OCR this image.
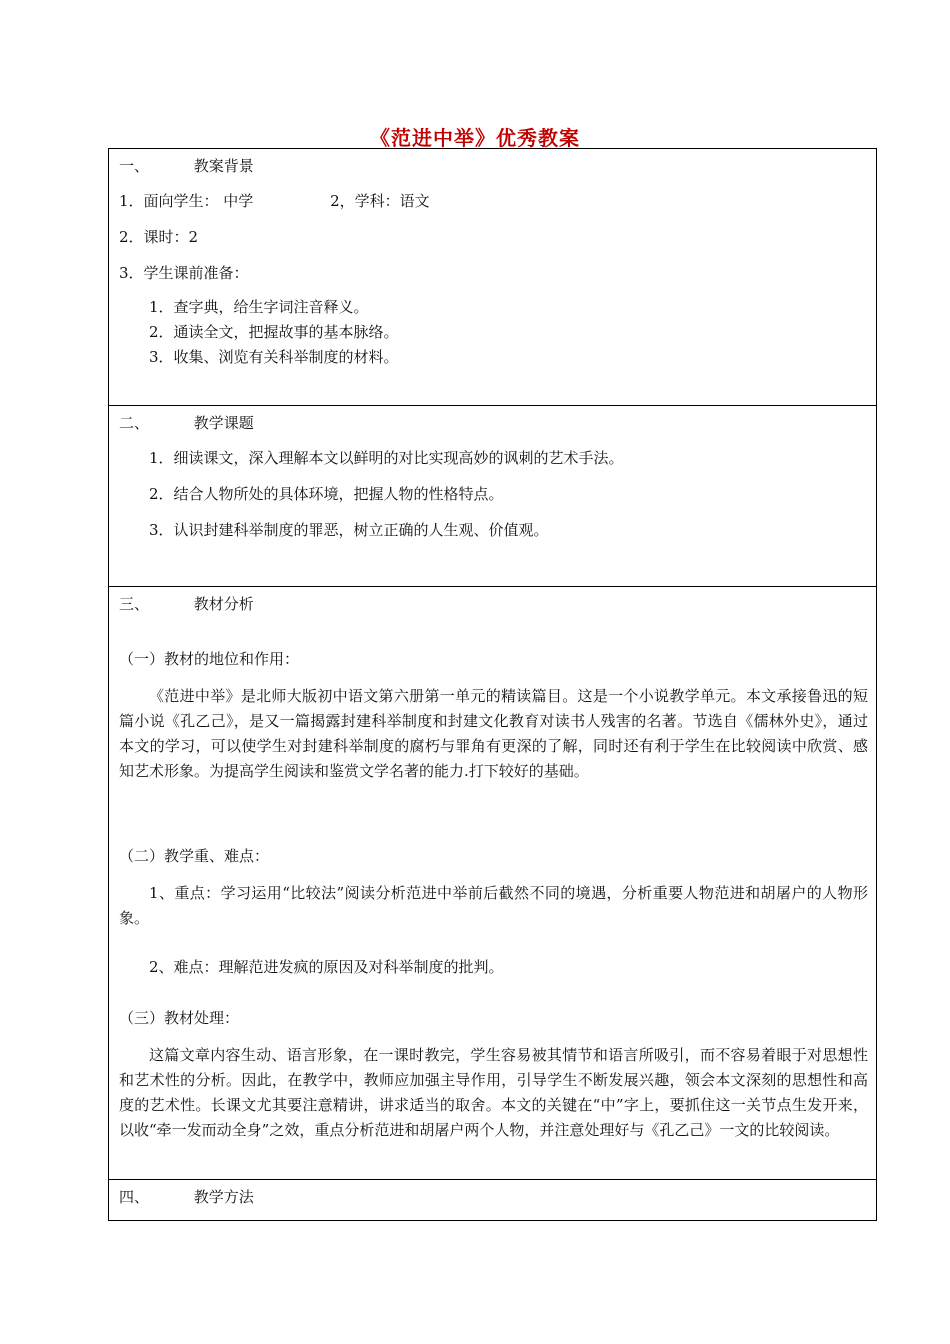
《范进中举》优秀教案
一、	教案背景
1．面向学生： 中学	2，学科：语文
2．课时：2
3．学生课前准备：
1．查字典，给生字词注音释义。
2．通读全文，把握故事的基本脉络。
3．收集、浏览有关科举制度的材料。

二、	教学课题
1．细读课文，深入理解本文以鲜明的对比实现高妙的讽刺的艺术手法。
2．结合人物所处的具体环境，把握人物的性格特点。
3．认识封建科举制度的罪恶，树立正确的人生观、价值观。

三、	教材分析
（一）教材的地位和作用：
《范进中举》是北师大版初中语文第六册第一单元的精读篇目。这是一个小说教学单元。本文承接鲁迅的短篇小说《孔乙己》，是又一篇揭露封建科举制度和封建文化教育对读书人残害的名著。节选自《儒林外史》，通过本文的学习，可以使学生对封建科举制度的腐朽与罪角有更深的了解，同时还有利于学生在比较阅读中欣赏、感知艺术形象。为提高学生阅读和鉴赏文学名著的能力.打下较好的基础。
（二）教学重、难点：
1、重点：学习运用“比较法”阅读分析范进中举前后截然不同的境遇，分析重要人物范进和胡屠户的人物形象。
2、难点：理解范进发疯的原因及对科举制度的批判。
（三）教材处理：
这篇文章内容生动、语言形象，在一课时教完，学生容易被其情节和语言所吸引，而不容易着眼于对思想性和艺术性的分析。因此，在教学中，教师应加强主导作用，引导学生不断发展兴趣，领会本文深刻的思想性和高度的艺术性。长课文尤其要注意精讲，讲求适当的取舍。本文的关键在“中”字上，要抓住这一关节点生发开来，以收“牵一发而动全身”之效，重点分析范进和胡屠户两个人物，并注意处理好与《孔乙己》一文的比较阅读。

四、	教学方法
